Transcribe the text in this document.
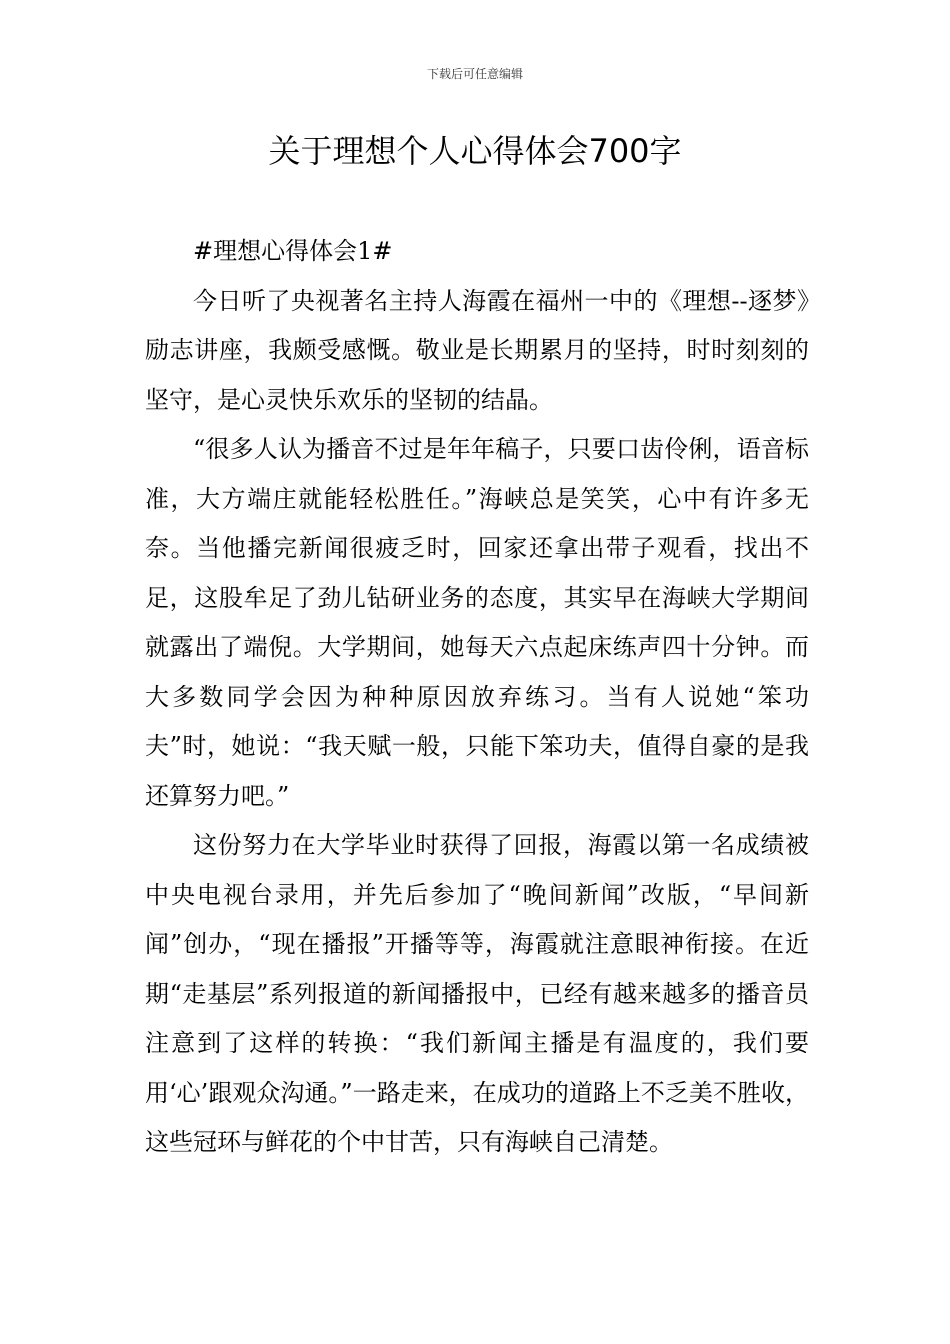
下载后可任意编辑
关于理想个人心得体会700字

#理想心得体会1#

今日听了央视著名主持人海霞在福州一中的《理想--逐梦》励志讲座，我颇受感慨。敬业是长期累月的坚持，时时刻刻的坚守，是心灵快乐欢乐的坚韧的结晶。

“很多人认为播音不过是年年稿子，只要口齿伶俐，语音标准，大方端庄就能轻松胜任。”海峡总是笑笑，心中有许多无奈。当他播完新闻很疲乏时，回家还拿出带子观看，找出不足，这股牟足了劲儿钻研业务的态度，其实早在海峡大学期间就露出了端倪。大学期间，她每天六点起床练声四十分钟。而大多数同学会因为种种原因放弃练习。当有人说她“笨功夫”时，她说：“我天赋一般，只能下笨功夫，值得自豪的是我还算努力吧。”

这份努力在大学毕业时获得了回报，海霞以第一名成绩被中央电视台录用，并先后参加了“晚间新闻”改版，“早间新闻”创办，“现在播报”开播等等，海霞就注意眼神衔接。在近期“走基层”系列报道的新闻播报中，已经有越来越多的播音员注意到了这样的转换：“我们新闻主播是有温度的，我们要用‘心’跟观众沟通。”一路走来，在成功的道路上不乏美不胜收，这些冠环与鲜花的个中甘苦，只有海峡自己清楚。
